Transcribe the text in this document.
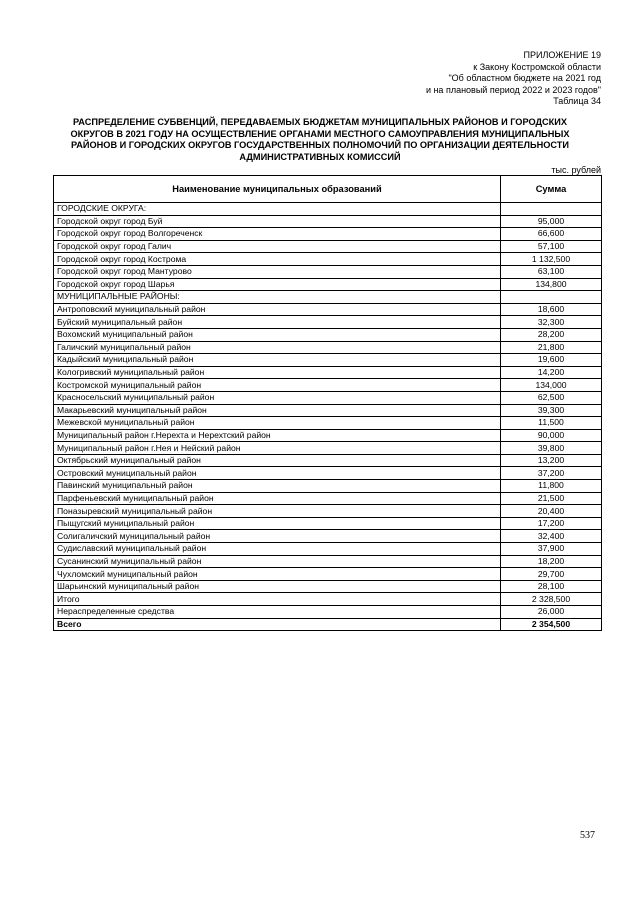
ПРИЛОЖЕНИЕ 19
к Закону Костромской области
"Об областном бюджете на 2021 год
и на плановый период 2022 и 2023 годов"
Таблица 34
РАСПРЕДЕЛЕНИЕ СУБВЕНЦИЙ, ПЕРЕДАВАЕМЫХ БЮДЖЕТАМ МУНИЦИПАЛЬНЫХ РАЙОНОВ И ГОРОДСКИХ
ОКРУГОВ В 2021 ГОДУ НА ОСУЩЕСТВЛЕНИЕ ОРГАНАМИ МЕСТНОГО САМОУПРАВЛЕНИЯ МУНИЦИПАЛЬНЫХ
РАЙОНОВ И ГОРОДСКИХ ОКРУГОВ ГОСУДАРСТВЕННЫХ ПОЛНОМОЧИЙ ПО ОРГАНИЗАЦИИ ДЕЯТЕЛЬНОСТИ
АДМИНИСТРАТИВНЫХ КОМИССИЙ
тыс. рублей
Наименование муниципальных образований	Сумма
ГОРОДСКИЕ ОКРУГА:	
Городской округ город Буй	95,000
Городской округ город Волгореченск	66,600
Городской округ город Галич	57,100
Городской округ город Кострома	1 132,500
Городской округ город Мантурово	63,100
Городской округ город Шарья	134,800
МУНИЦИПАЛЬНЫЕ РАЙОНЫ:	
Антроповский муниципальный район	18,600
Буйский муниципальный район	32,300
Вохомский муниципальный район	28,200
Галичский муниципальный район	21,800
Кадыйский муниципальный район	19,600
Кологривский муниципальный район	14,200
Костромской муниципальный район	134,000
Красносельский муниципальный район	62,500
Макарьевский муниципальный район	39,300
Межевской муниципальный район	11,500
Муниципальный район г.Нерехта и Нерехтский район	90,000
Муниципальный район г.Нея и Нейский район	39,800
Октябрьский муниципальный район	13,200
Островский муниципальный район	37,200
Павинский муниципальный район	11,800
Парфеньевский муниципальный район	21,500
Поназыревский муниципальный район	20,400
Пыщугский муниципальный район	17,200
Солигаличский муниципальный район	32,400
Судиславский муниципальный район	37,900
Сусанинский муниципальный район	18,200
Чухломский муниципальный район	29,700
Шарьинский муниципальный район	28,100
Итого	2 328,500
Нераспределенные средства	26,000
Всего	2 354,500
537
